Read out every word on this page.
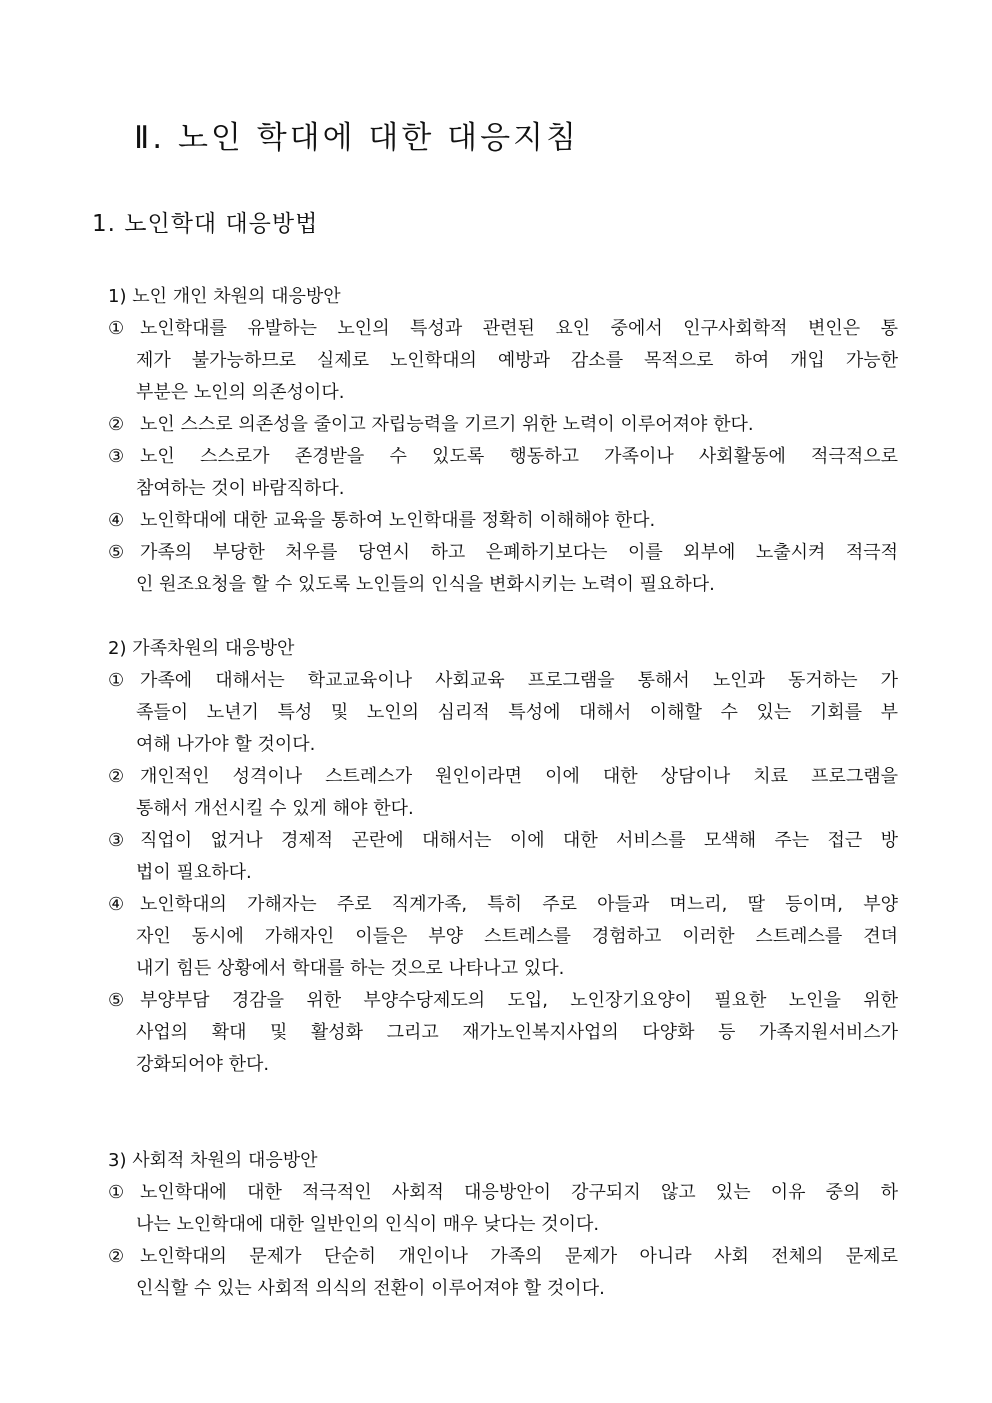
Ⅱ. 노인 학대에 대한 대응지침
1. 노인학대 대응방법
1) 노인 개인 차원의 대응방안
① 노인학대를 유발하는 노인의 특성과 관련된 요인 중에서 인구사회학적 변인은 통
제가 불가능하므로 실제로 노인학대의 예방과 감소를 목적으로 하여 개입 가능한
부분은 노인의 의존성이다.
② 노인 스스로 의존성을 줄이고 자립능력을 기르기 위한 노력이 이루어져야 한다.
③ 노인 스스로가 존경받을 수 있도록 행동하고 가족이나 사회활동에 적극적으로
참여하는 것이 바람직하다.
④ 노인학대에 대한 교육을 통하여 노인학대를 정확히 이해해야 한다.
⑤ 가족의 부당한 처우를 당연시 하고 은폐하기보다는 이를 외부에 노출시켜 적극적
인 원조요청을 할 수 있도록 노인들의 인식을 변화시키는 노력이 필요하다.
2) 가족차원의 대응방안
① 가족에 대해서는 학교교육이나 사회교육 프로그램을 통해서 노인과 동거하는 가
족들이 노년기 특성 및 노인의 심리적 특성에 대해서 이해할 수 있는 기회를 부
여해 나가야 할 것이다.
② 개인적인 성격이나 스트레스가 원인이라면 이에 대한 상담이나 치료 프로그램을
통해서 개선시킬 수 있게 해야 한다.
③ 직업이 없거나 경제적 곤란에 대해서는 이에 대한 서비스를 모색해 주는 접근 방
법이 필요하다.
④ 노인학대의 가해자는 주로 직계가족, 특히 주로 아들과 며느리, 딸 등이며, 부양
자인 동시에 가해자인 이들은 부양 스트레스를 경험하고 이러한 스트레스를 견뎌
내기 힘든 상황에서 학대를 하는 것으로 나타나고 있다.
⑤ 부양부담 경감을 위한 부양수당제도의 도입, 노인장기요양이 필요한 노인을 위한
사업의 확대 및 활성화 그리고 재가노인복지사업의 다양화 등 가족지원서비스가
강화되어야 한다.
3) 사회적 차원의 대응방안
① 노인학대에 대한 적극적인 사회적 대응방안이 강구되지 않고 있는 이유 중의 하
나는 노인학대에 대한 일반인의 인식이 매우 낮다는 것이다.
② 노인학대의 문제가 단순히 개인이나 가족의 문제가 아니라 사회 전체의 문제로
인식할 수 있는 사회적 의식의 전환이 이루어져야 할 것이다.
